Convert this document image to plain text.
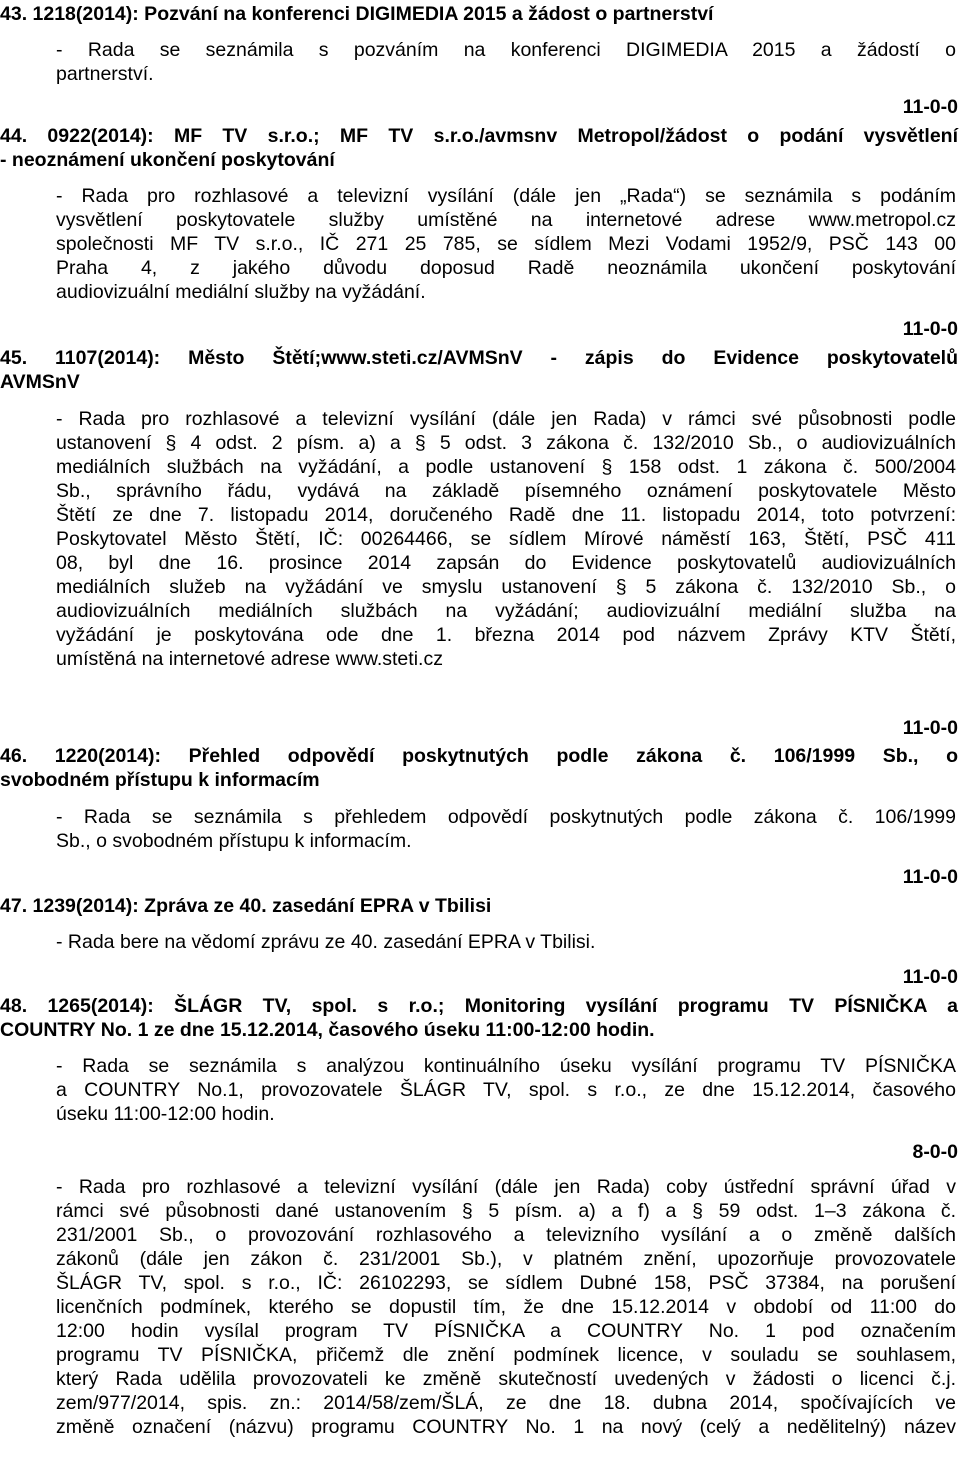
43. 1218(2014): Pozvání na konferenci DIGIMEDIA 2015 a žádost o partnerství
- Rada se seznámila s pozváním na konferenci DIGIMEDIA 2015 a žádostí o
partnerství.
11-0-0
44. 0922(2014): MF TV s.r.o.; MF TV s.r.o./avmsnv Metropol/žádost o podání vysvětlení
- neoznámení ukončení poskytování
- Rada pro rozhlasové a televizní vysílání (dále jen „Rada“) se seznámila s podáním
vysvětlení poskytovatele služby umístěné na internetové adrese www.metropol.cz
společnosti MF TV s.r.o., IČ 271 25 785, se sídlem Mezi Vodami 1952/9, PSČ 143 00
Praha 4, z jakého důvodu doposud Radě neoznámila ukončení poskytování
audiovizuální mediální služby na vyžádání.
11-0-0
45. 1107(2014): Město Štětí;www.steti.cz/AVMSnV - zápis do Evidence poskytovatelů
AVMSnV
- Rada pro rozhlasové a televizní vysílání (dále jen Rada) v rámci své působnosti podle
ustanovení § 4 odst. 2 písm. a) a § 5 odst. 3 zákona č. 132/2010 Sb., o audiovizuálních
mediálních službách na vyžádání, a podle ustanovení § 158 odst. 1 zákona č. 500/2004
Sb., správního řádu, vydává na základě písemného oznámení poskytovatele Město
Štětí ze dne 7. listopadu 2014, doručeného Radě dne 11. listopadu 2014, toto potvrzení:
Poskytovatel Město Štětí, IČ: 00264466, se sídlem Mírové náměstí 163, Štětí, PSČ 411
08, byl dne 16. prosince 2014 zapsán do Evidence poskytovatelů audiovizuálních
mediálních služeb na vyžádání ve smyslu ustanovení § 5 zákona č. 132/2010 Sb., o
audiovizuálních mediálních službách na vyžádání; audiovizuální mediální služba na
vyžádání je poskytována ode dne 1. března 2014 pod názvem Zprávy KTV Štětí,
umístěná na internetové adrese www.steti.cz
11-0-0
46. 1220(2014): Přehled odpovědí poskytnutých podle zákona č. 106/1999 Sb., o
svobodném přístupu k informacím
- Rada se seznámila s přehledem odpovědí poskytnutých podle zákona č. 106/1999
Sb., o svobodném přístupu k informacím.
11-0-0
47. 1239(2014): Zpráva ze 40. zasedání EPRA v Tbilisi
- Rada bere na vědomí zprávu ze 40. zasedání EPRA v Tbilisi.
11-0-0
48. 1265(2014): ŠLÁGR TV, spol. s r.o.; Monitoring vysílání programu TV PÍSNIČKA a
COUNTRY No. 1 ze dne 15.12.2014, časového úseku 11:00-12:00 hodin.
- Rada se seznámila s analýzou kontinuálního úseku vysílání programu TV PÍSNIČKA
a COUNTRY No.1, provozovatele ŠLÁGR TV, spol. s r.o., ze dne 15.12.2014, časového
úseku 11:00-12:00 hodin.
8-0-0
- Rada pro rozhlasové a televizní vysílání (dále jen Rada) coby ústřední správní úřad v
rámci své působnosti dané ustanovením § 5 písm. a) a f) a § 59 odst. 1–3 zákona č.
231/2001 Sb., o provozování rozhlasového a televizního vysílání a o změně dalších
zákonů (dále jen zákon č. 231/2001 Sb.), v platném znění, upozorňuje provozovatele
ŠLÁGR TV, spol. s r.o., IČ: 26102293, se sídlem Dubné 158, PSČ 37384, na porušení
licenčních podmínek, kterého se dopustil tím, že dne 15.12.2014 v období od 11:00 do
12:00 hodin vysílal program TV PÍSNIČKA a COUNTRY No. 1 pod označením
programu TV PÍSNIČKA, přičemž dle znění podmínek licence, v souladu se souhlasem,
který Rada udělila provozovateli ke změně skutečností uvedených v žádosti o licenci č.j.
zem/977/2014, spis. zn.: 2014/58/zem/ŠLÁ, ze dne 18. dubna 2014, spočívajících ve
změně označení (názvu) programu COUNTRY No. 1 na nový (celý a nedělitelný) název
